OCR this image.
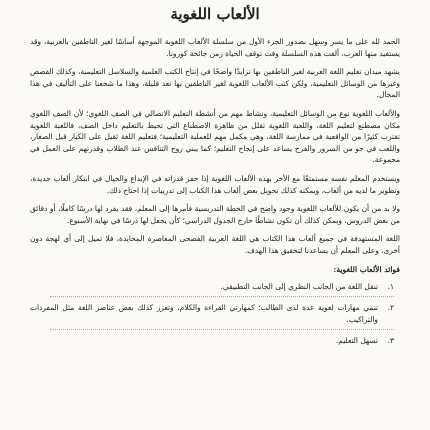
الألعاب اللغوية

الحمد لله على ما يسر وسهل بصدور الجزء الأول من سلسلة الألعاب اللغوية الموجهة أساسًا لغير الناطقين بالعربية، وقد يستفيد منها العرب، ألفت هذه السلسلة وقت توقف الحياة زمن جائحة كورونا.

يشهد ميدان تعليم اللغة العربية لغير الناطقين بها تزايدًا واضحًا في إنتاج الكتب العلمية والسلاسل التعليمية، وكذلك القصص وغيرها من الوسائل التعليمية، ولكن كتب الألعاب اللغوية لغير الناطقين بها تعد قليلة، وهذا ما شجعنا على التأليف في هذا المجال.

والألعاب اللغوية نوع من الوسائل التعليمية، ونشاط مهم من أنشطة التعليم الاتصالي في الصف اللغوي؛ لأن الصف اللغوي مكان مصطنع لتعليم اللغة، واللعبة اللغوية تقلل من ظاهرة الاصطناع التي تحيط بالتعليم داخل الصف، فاللعبة اللغوية تقترب كثيرًا من الواقعية في ممارسة اللغة، وهي مكمل مهم للعملية التعليمية؛ فتعليم اللغة ثقيل على الكبار قبل الصغار، واللعب في جو من السرور والفرح يساعد على إنجاح التعليم؛ كما يبني روح التنافس عند الطلاب وقدرتهم على العمل في مجموعة.

ويستخدم المعلم نفسه مستمتعًا مع الأخر بهذه الألعاب اللغوية إذا حفز قدراته في الإبداع والخيال في ابتكار ألعاب جديدة، وتطوير ما لديه من ألعاب، ويمكنه كذلك تحويل بعض ألعاب هذا الكتاب إلى تدريبات إذا احتاج ذلك.

ولا بد من أن يكون للألعاب اللغوية وجود واضح في الخطة التدريسية فأمرها إلى المعلم، فقد يفرد لها درسًا كاملًا، أو دقائق من بعض الدروس، ويمكن كذلك أن تكون نشاطًا خارج الجدول الدراسي؛ كأن يجعل لها درسًا في نهاية الأسبوع.

اللغة المستهدفة في جميع ألعاب هذا الكتاب هي اللغة العربية الفصحى المعاصرة المحايدة، فلا تميل إلى أي لهجة دون أخرى، وعلى المعلم أن يساعدنا لتحقيق هذا الهدف.

فوائد الألعاب اللغوية:
١.
تنقل اللغة من الجانب النظري إلى الجانب التطبيقي.
٢.
تنمي مهارات لغوية عدة لدى الطالب؛ كمهارتي القراءة والكلام، وتعزز كذلك بعض عناصر اللغة مثل المفردات والتراكيب.
٣.
تسهل التعليم.
